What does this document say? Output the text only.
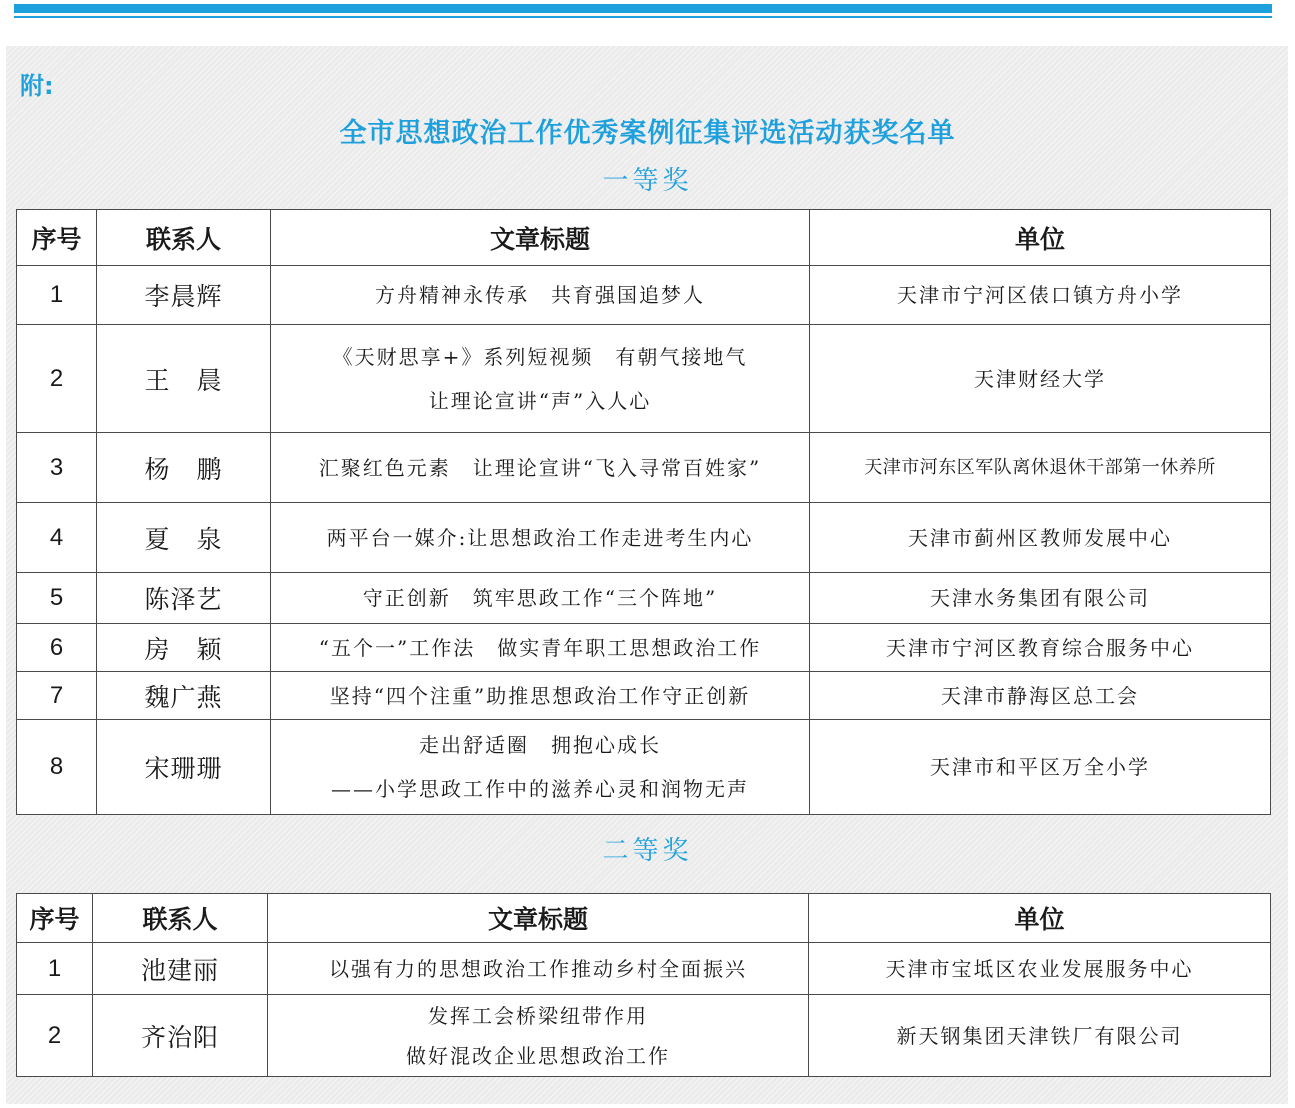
附:
全市思想政治工作优秀案例征集评选活动获奖名单
一等奖
序号	联系人	文章标题	单位
1	李晨辉	方舟精神永传承　共育强国追梦人	天津市宁河区俵口镇方舟小学
2	王　晨	《天财思享+》系列短视频　有朝气接地气
让理论宣讲“声”入人心	天津财经大学
3	杨　鹏	汇聚红色元素　让理论宣讲“飞入寻常百姓家”	天津市河东区军队离休退休干部第一休养所
4	夏　泉	两平台一媒介:让思想政治工作走进考生内心	天津市蓟州区教师发展中心
5	陈泽艺	守正创新　筑牢思政工作“三个阵地”	天津水务集团有限公司
6	房　颖	“五个一”工作法　做实青年职工思想政治工作	天津市宁河区教育综合服务中心
7	魏广燕	坚持“四个注重”助推思想政治工作守正创新	天津市静海区总工会
8	宋珊珊	走出舒适圈　拥抱心成长
——小学思政工作中的滋养心灵和润物无声	天津市和平区万全小学
二等奖
序号	联系人	文章标题	单位
1	池建丽	以强有力的思想政治工作推动乡村全面振兴	天津市宝坻区农业发展服务中心
2	齐治阳	发挥工会桥梁纽带作用
做好混改企业思想政治工作	新天钢集团天津铁厂有限公司
